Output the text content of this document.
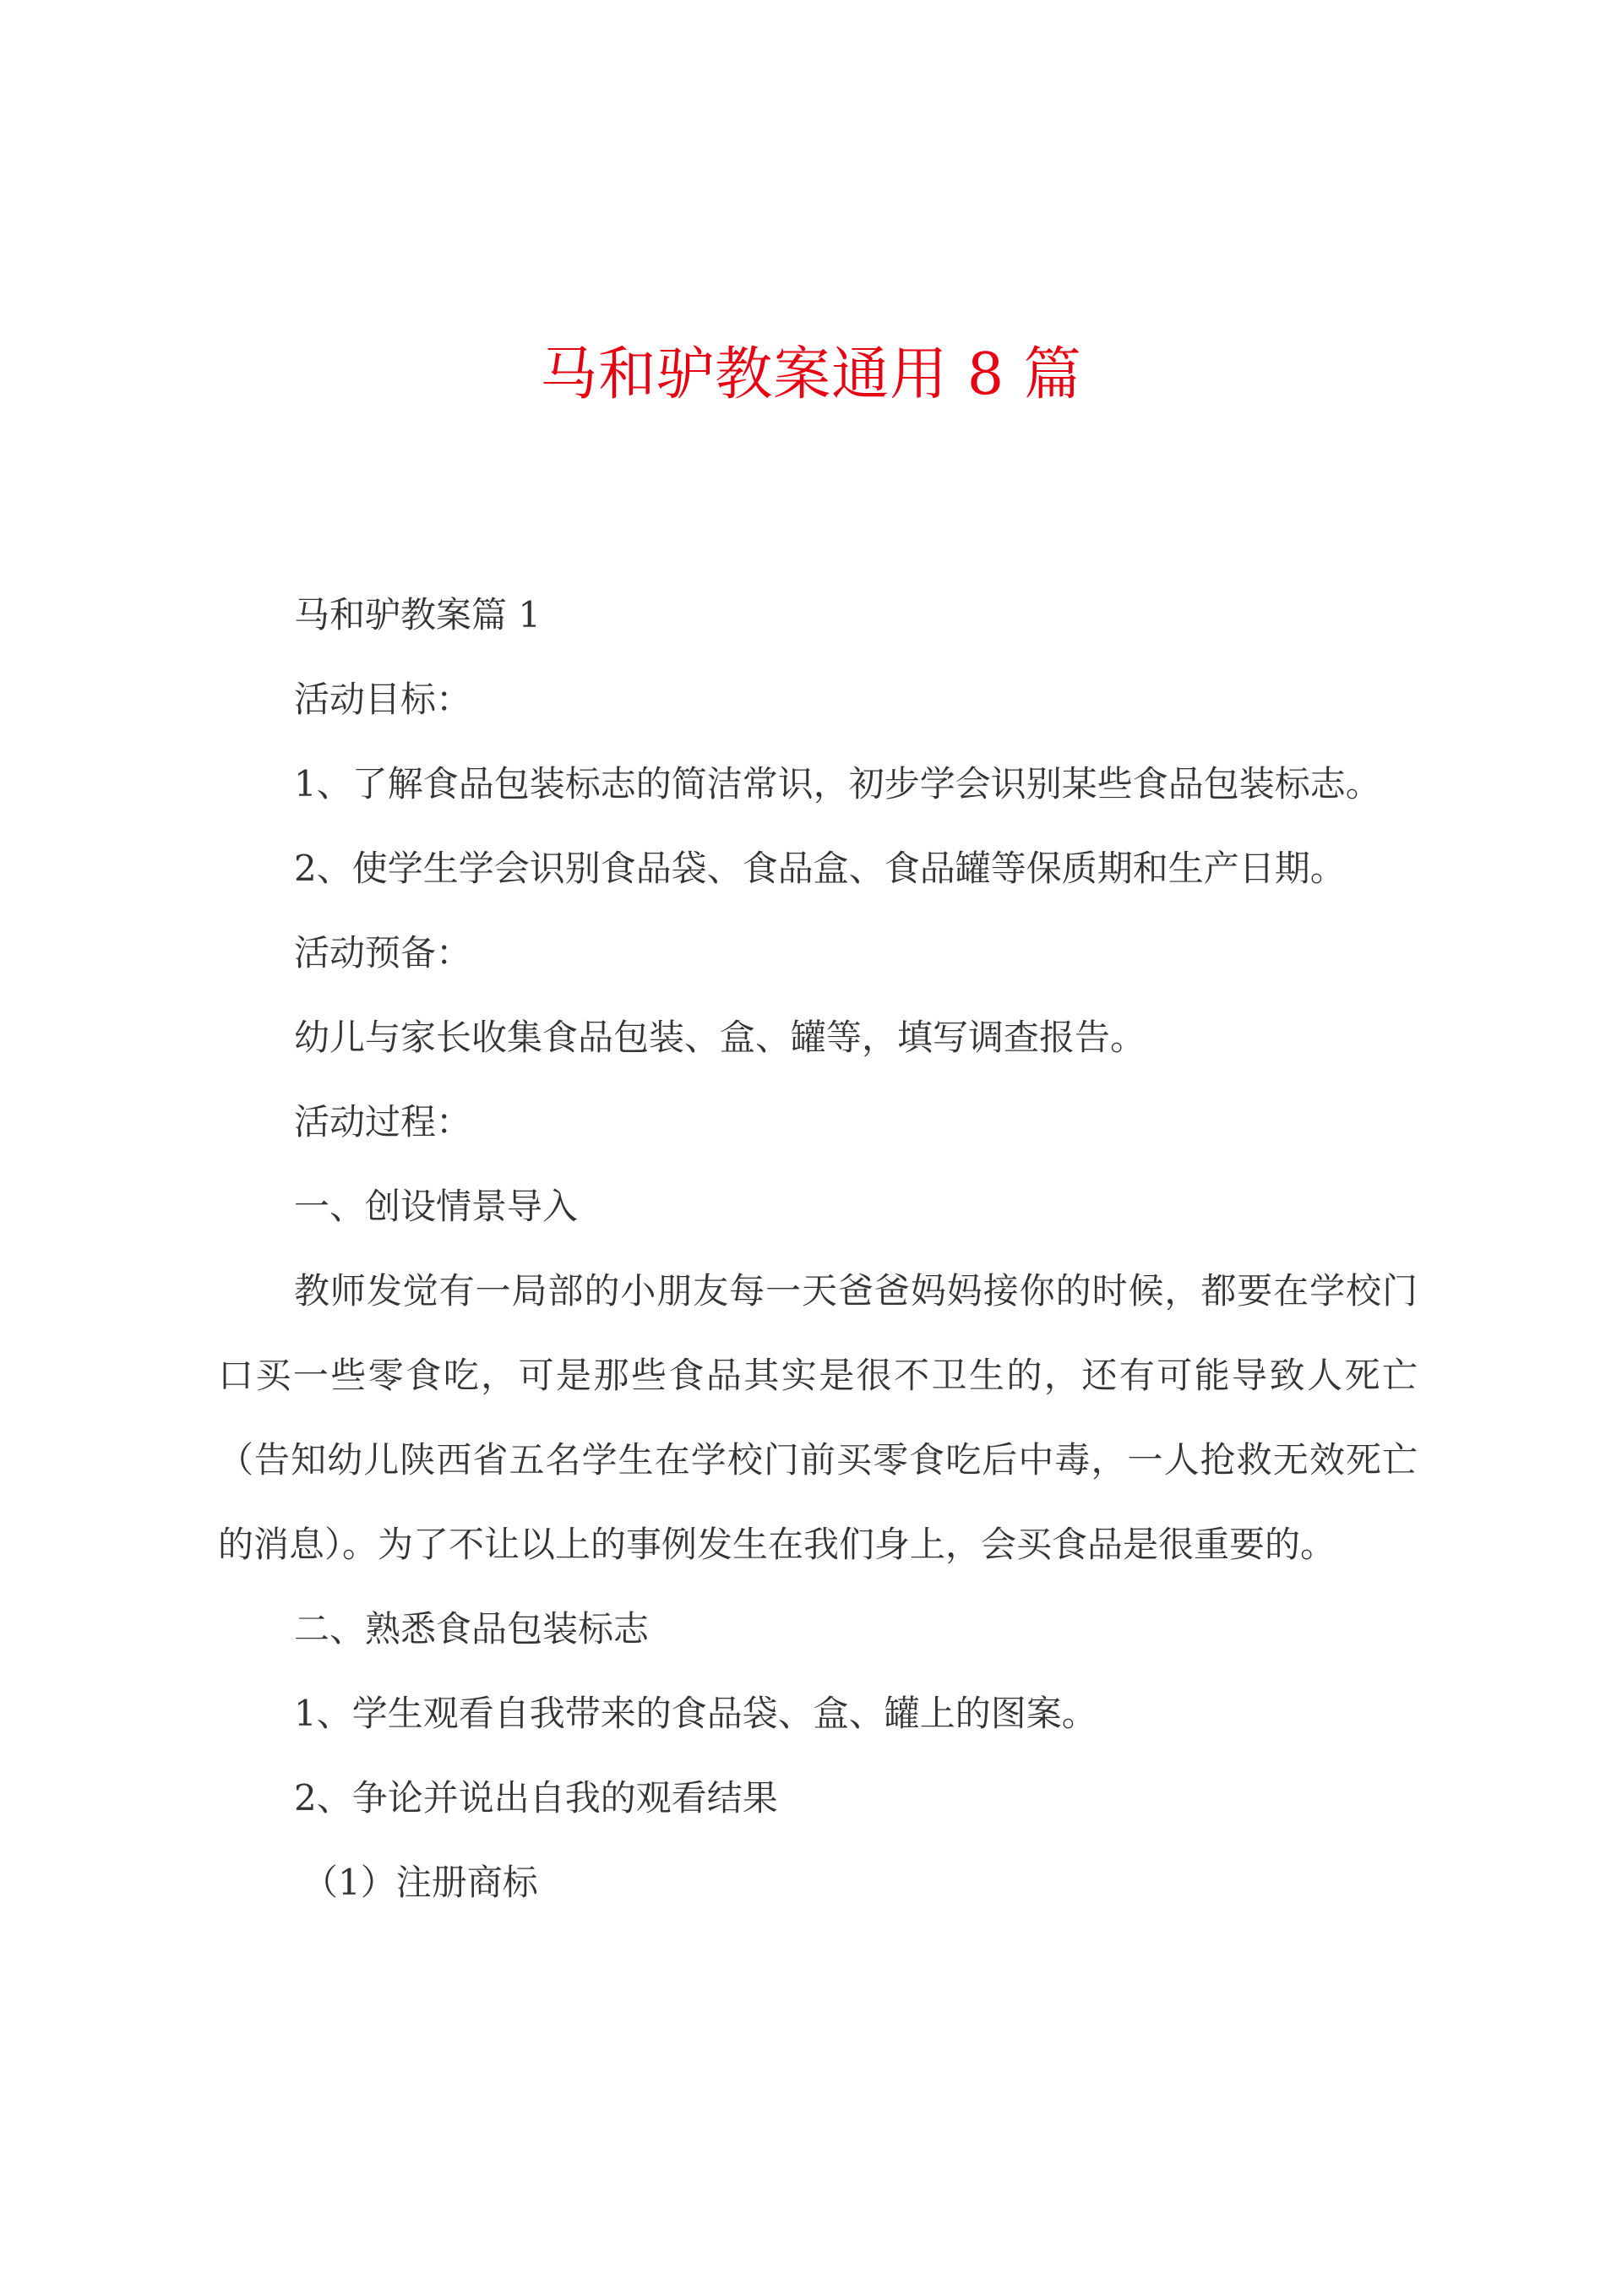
马和驴教案通用 8 篇

马和驴教案篇 1

活动目标：

1、了解食品包装标志的简洁常识，初步学会识别某些食品包装标志。

2、使学生学会识别食品袋、食品盒、食品罐等保质期和生产日期。

活动预备：

幼儿与家长收集食品包装、盒、罐等，填写调查报告。

活动过程：

一、创设情景导入

教师发觉有一局部的小朋友每一天爸爸妈妈接你的时候，都要在学校门口买一些零食吃，可是那些食品其实是很不卫生的，还有可能导致人死亡（告知幼儿陕西省五名学生在学校门前买零食吃后中毒，一人抢救无效死亡的消息）。为了不让以上的事例发生在我们身上，会买食品是很重要的。

二、熟悉食品包装标志

1、学生观看自我带来的食品袋、盒、罐上的图案。

2、争论并说出自我的观看结果

（1）注册商标
